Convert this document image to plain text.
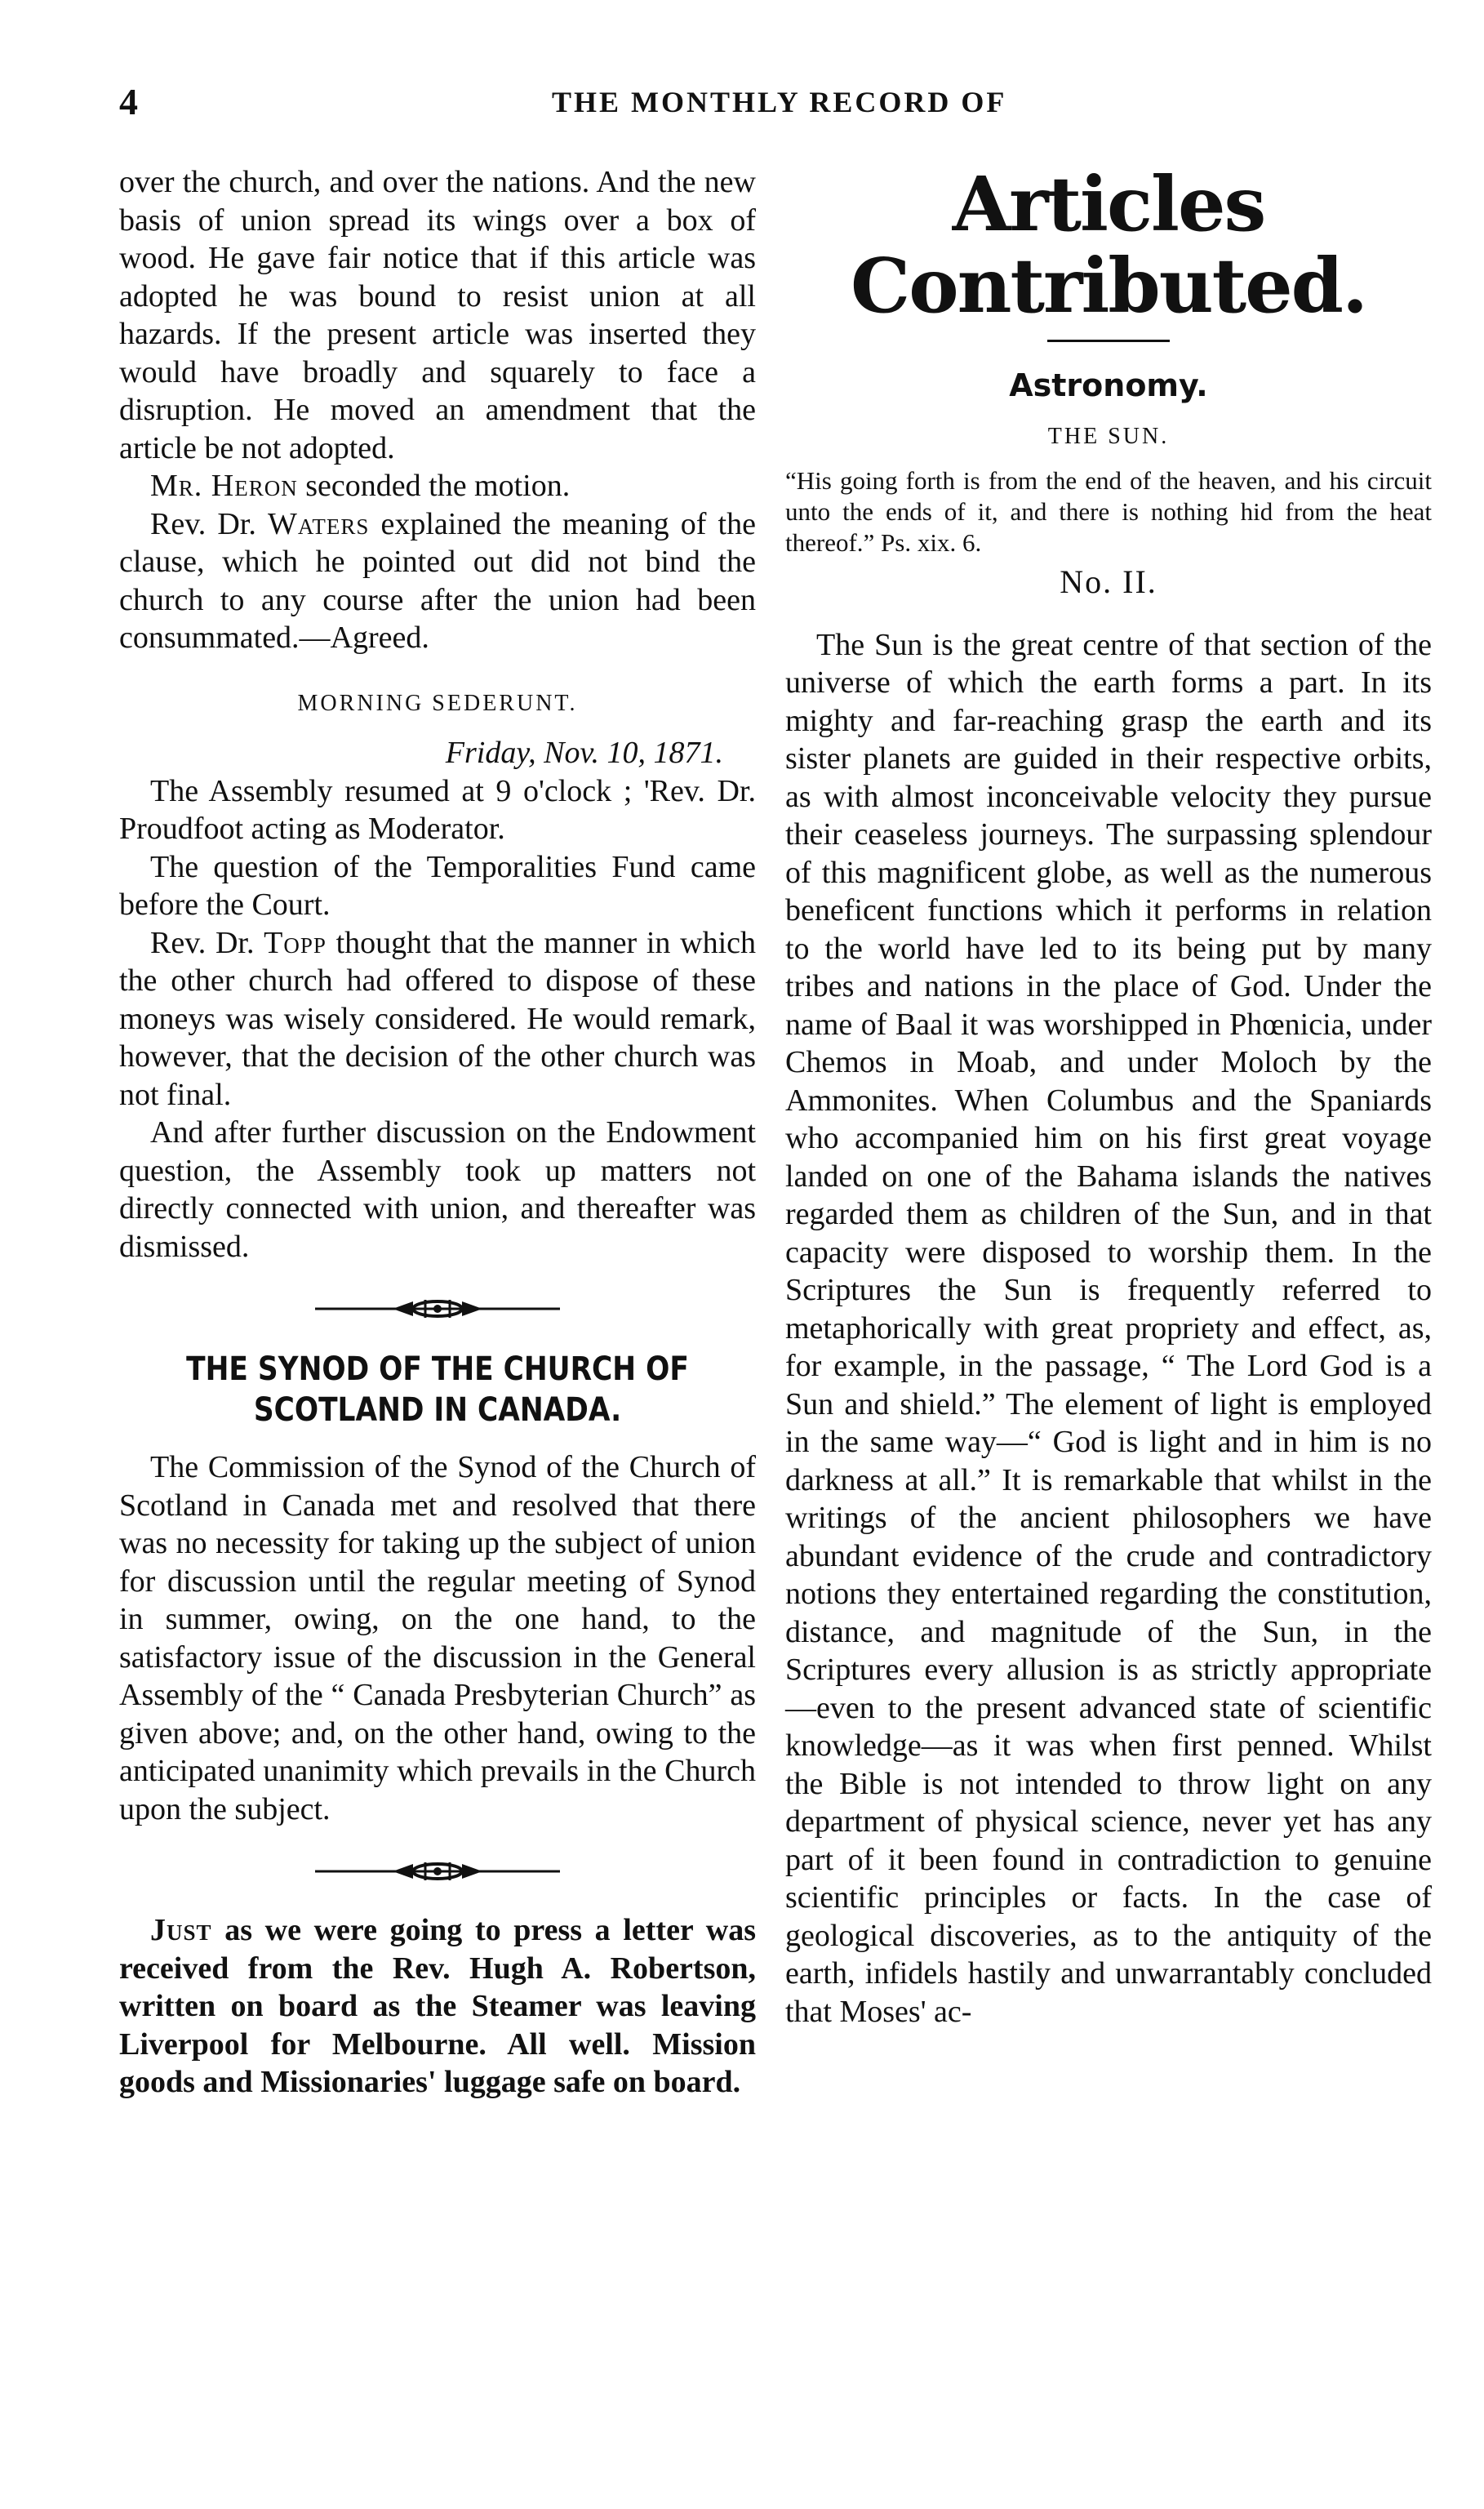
4	THE MONTHLY RECORD OF

over the church, and over the nations. And the new basis of union spread its wings over a box of wood. He gave fair notice that if this article was adopted he was bound to resist union at all hazards. If the present article was inserted they would have broadly and squarely to face a disruption. He moved an amendment that the article be not adopted.

Mr. Heron seconded the motion.

Rev. Dr. Waters explained the meaning of the clause, which he pointed out did not bind the church to any course after the union had been consummated.—Agreed.

MORNING SEDERUNT.

Friday, Nov. 10, 1871.

The Assembly resumed at 9 o'clock ; 'Rev. Dr. Proudfoot acting as Moderator.

The question of the Temporalities Fund came before the Court.

Rev. Dr. Topp thought that the manner in which the other church had offered to dispose of these moneys was wisely considered. He would remark, however, that the decision of the other church was not final.

And after further discussion on the Endowment question, the Assembly took up matters not directly connected with union, and thereafter was dismissed.

THE SYNOD OF THE CHURCH OF SCOTLAND IN CANADA.

The Commission of the Synod of the Church of Scotland in Canada met and resolved that there was no necessity for taking up the subject of union for discussion until the regular meeting of Synod in summer, owing, on the one hand, to the satisfactory issue of the discussion in the General Assembly of the “ Canada Presbyterian Church” as given above; and, on the other hand, owing to the anticipated unanimity which prevails in the Church upon the subject.

Just as we were going to press a letter was received from the Rev. Hugh A. Robertson, written on board as the Steamer was leaving Liverpool for Melbourne. All well. Mission goods and Missionaries' luggage safe on board.

Articles Contributed.
Astronomy.
THE SUN.

“His going forth is from the end of the heaven, and his circuit unto the ends of it, and there is nothing hid from the heat thereof.” Ps. xix. 6.

No. II.

The Sun is the great centre of that section of the universe of which the earth forms a part. In its mighty and far-reaching grasp the earth and its sister planets are guided in their respective orbits, as with almost inconceivable velocity they pursue their ceaseless journeys. The surpassing splendour of this magnificent globe, as well as the numerous beneficent functions which it performs in relation to the world have led to its being put by many tribes and nations in the place of God. Under the name of Baal it was worshipped in Phœnicia, under Chemos in Moab, and under Moloch by the Ammonites. When Columbus and the Spaniards who accompanied him on his first great voyage landed on one of the Bahama islands the natives regarded them as children of the Sun, and in that capacity were disposed to worship them. In the Scriptures the Sun is frequently referred to metaphorically with great propriety and effect, as, for example, in the passage, “ The Lord God is a Sun and shield.” The element of light is employed in the same way—“ God is light and in him is no darkness at all.” It is remarkable that whilst in the writings of the ancient philosophers we have abundant evidence of the crude and contradictory notions they entertained regarding the constitution, distance, and magnitude of the Sun, in the Scriptures every allusion is as strictly appropriate —even to the present advanced state of scientific knowledge—as it was when first penned. Whilst the Bible is not intended to throw light on any department of physical science, never yet has any part of it been found in contradiction to genuine scientific principles or facts. In the case of geological discoveries, as to the antiquity of the earth, infidels hastily and unwarrantably concluded that Moses' ac-
